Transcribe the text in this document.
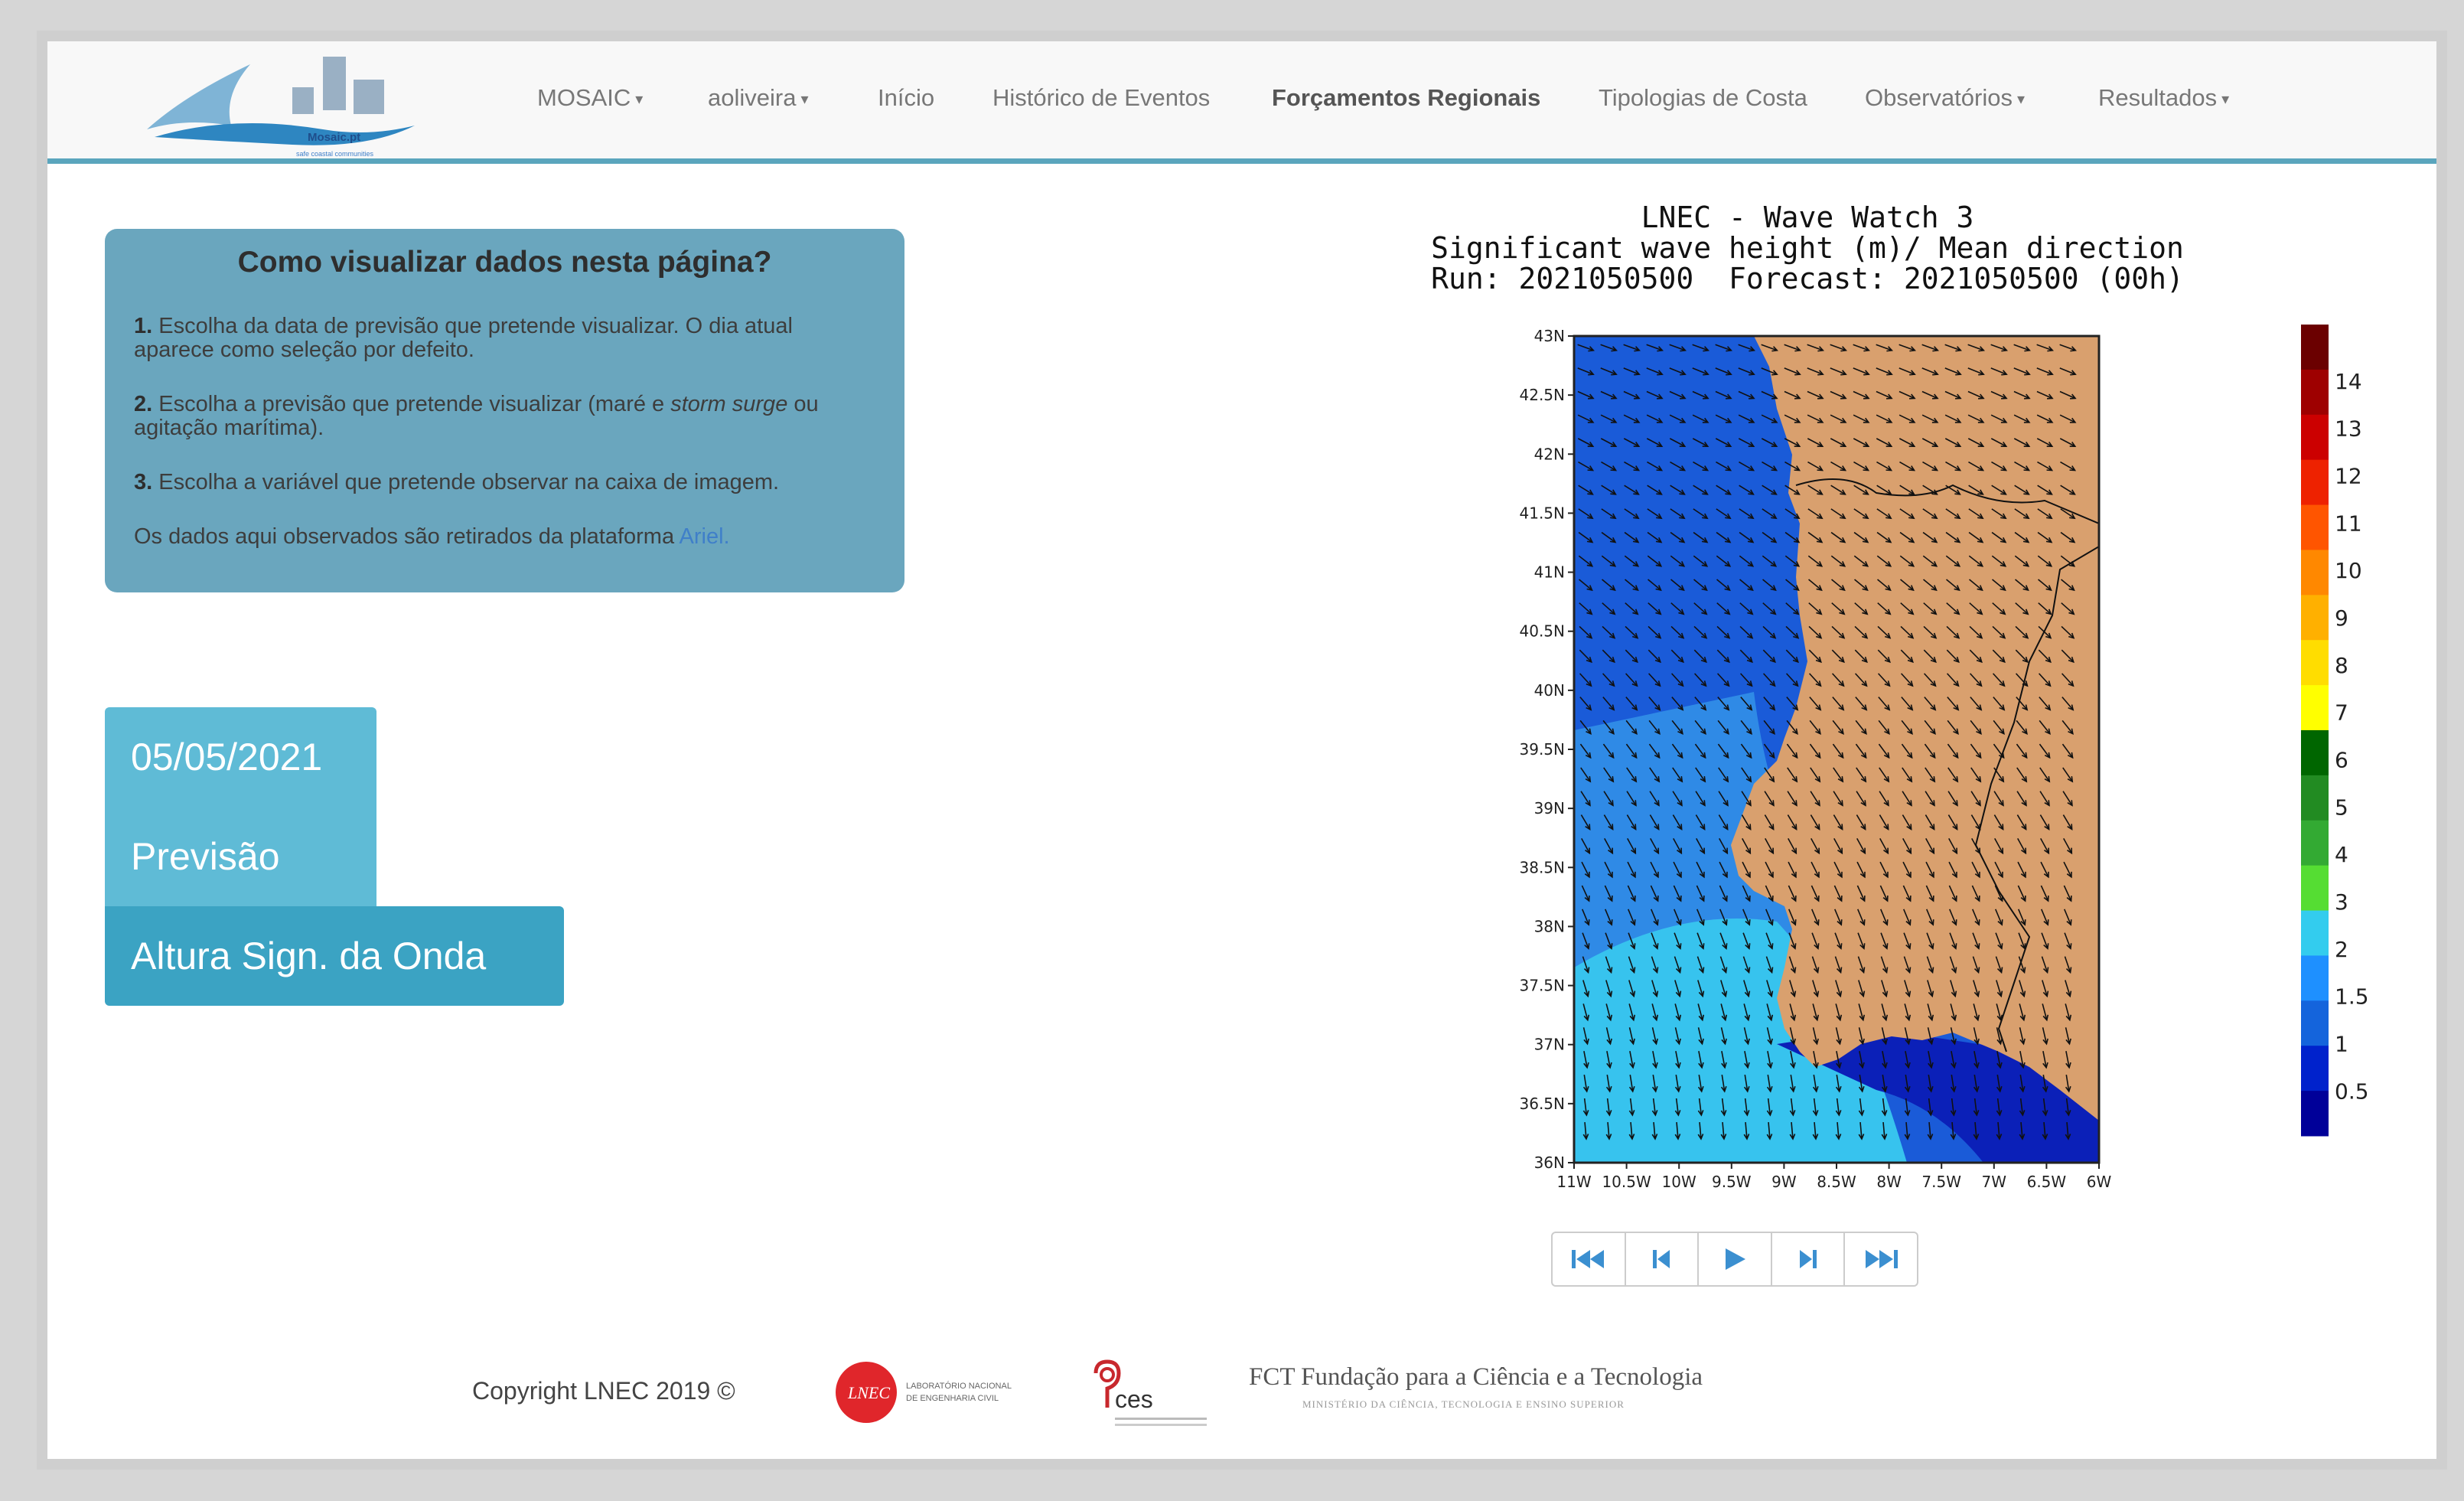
Mosaic.pt
safe coastal communities
MOSAIC ▾	aoliveira ▾	Início Histórico de Eventos	Forçamentos Regionais Tipologias de Costa Observatórios ▾	Resultados ▾
Como visualizar dados nesta página?

1. Escolha da data de previsão que pretende visualizar. O dia atual aparece como seleção por defeito.

2. Escolha a previsão que pretende visualizar (maré e storm surge ou agitação marítima).

3. Escolha a variável que pretende observar na caixa de imagem.

Os dados aqui observados são retirados da plataforma Ariel.

05/05/2021
Previsão
Altura Sign. da Onda
LNEC - Wave Watch 3
Significant wave height (m)/ Mean direction
Run: 2021050500  Forecast: 2021050500 (00h)
43N
42.5N
42N
41.5N
41N
40.5N
40N
39.5N
39N
38.5N
38N
37.5N
37N
36.5N
36N
11W 10.5W 10W 9.5W 9W 8.5W 8W 7.5W 7W 6.5W 6W
14
13
12
11
10
9
8
7
6
5
4
3
2
1.5
1
0.5
Copyright LNEC 2019 ©	LNEC LABORATÓRIO NACIONAL
DE ENGENHARIA CIVIL	ces
FCT Fundação para a Ciência e a Tecnologia
MINISTÉRIO DA CIÊNCIA, TECNOLOGIA E ENSINO SUPERIOR
